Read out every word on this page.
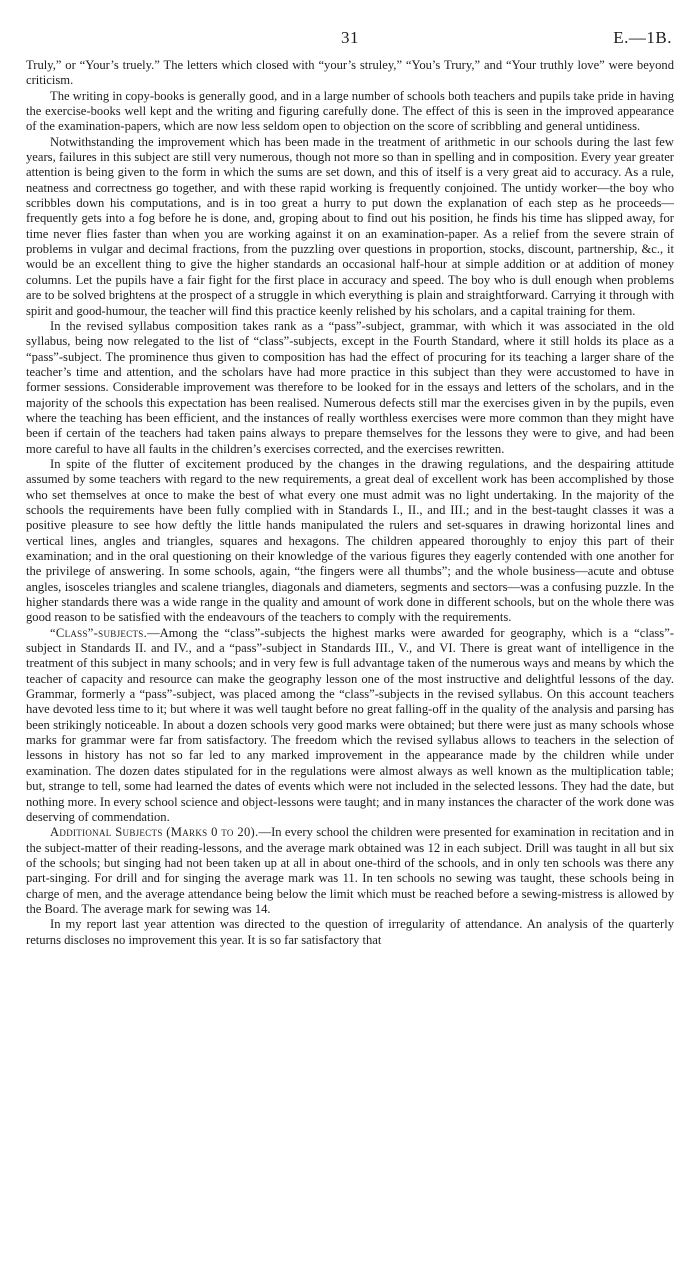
31	E.—1B.

Truly,” or “Your’s truely.” The letters which closed with “your’s struley,” “You’s Trury,” and “Your truthly love” were beyond criticism.

The writing in copy-books is generally good, and in a large number of schools both teachers and pupils take pride in having the exercise-books well kept and the writing and figuring carefully done. The effect of this is seen in the improved appearance of the examination-papers, which are now less seldom open to objection on the score of scribbling and general untidiness.

Notwithstanding the improvement which has been made in the treatment of arithmetic in our schools during the last few years, failures in this subject are still very numerous, though not more so than in spelling and in composition. Every year greater attention is being given to the form in which the sums are set down, and this of itself is a very great aid to accuracy. As a rule, neatness and correctness go together, and with these rapid working is frequently conjoined. The untidy worker—the boy who scribbles down his computations, and is in too great a hurry to put down the explanation of each step as he proceeds—frequently gets into a fog before he is done, and, groping about to find out his position, he finds his time has slipped away, for time never flies faster than when you are working against it on an examination-paper. As a relief from the severe strain of problems in vulgar and decimal fractions, from the puzzling over questions in proportion, stocks, discount, partnership, &c., it would be an excellent thing to give the higher standards an occasional half-hour at simple addition or at addition of money columns. Let the pupils have a fair fight for the first place in accuracy and speed. The boy who is dull enough when problems are to be solved brightens at the prospect of a struggle in which everything is plain and straightforward. Carrying it through with spirit and good-humour, the teacher will find this practice keenly relished by his scholars, and a capital training for them.

In the revised syllabus composition takes rank as a “pass”-subject, grammar, with which it was associated in the old syllabus, being now relegated to the list of “class”-subjects, except in the Fourth Standard, where it still holds its place as a “pass”-subject. The prominence thus given to composition has had the effect of procuring for its teaching a larger share of the teacher’s time and attention, and the scholars have had more practice in this subject than they were accustomed to have in former sessions. Considerable improvement was therefore to be looked for in the essays and letters of the scholars, and in the majority of the schools this expectation has been realised. Numerous defects still mar the exercises given in by the pupils, even where the teaching has been efficient, and the instances of really worthless exercises were more common than they might have been if certain of the teachers had taken pains always to prepare themselves for the lessons they were to give, and had been more careful to have all faults in the children’s exercises corrected, and the exercises rewritten.

In spite of the flutter of excitement produced by the changes in the drawing regulations, and the despairing attitude assumed by some teachers with regard to the new requirements, a great deal of excellent work has been accomplished by those who set themselves at once to make the best of what every one must admit was no light undertaking. In the majority of the schools the requirements have been fully complied with in Standards I., II., and III.; and in the best-taught classes it was a positive pleasure to see how deftly the little hands manipulated the rulers and set-squares in drawing horizontal lines and vertical lines, angles and triangles, squares and hexagons. The children appeared thoroughly to enjoy this part of their examination; and in the oral questioning on their knowledge of the various figures they eagerly contended with one another for the privilege of answering. In some schools, again, “the fingers were all thumbs”; and the whole business—acute and obtuse angles, isosceles triangles and scalene triangles, diagonals and diameters, segments and sectors—was a confusing puzzle. In the higher standards there was a wide range in the quality and amount of work done in different schools, but on the whole there was good reason to be satisfied with the endeavours of the teachers to comply with the requirements.

“Class”-subjects.—Among the “class”-subjects the highest marks were awarded for geography, which is a “class”-subject in Standards II. and IV., and a “pass”-subject in Standards III., V., and VI. There is great want of intelligence in the treatment of this subject in many schools; and in very few is full advantage taken of the numerous ways and means by which the teacher of capacity and resource can make the geography lesson one of the most instructive and delightful lessons of the day. Grammar, formerly a “pass”-subject, was placed among the “class”-subjects in the revised syllabus. On this account teachers have devoted less time to it; but where it was well taught before no great falling-off in the quality of the analysis and parsing has been strikingly noticeable. In about a dozen schools very good marks were obtained; but there were just as many schools whose marks for grammar were far from satisfactory. The freedom which the revised syllabus allows to teachers in the selection of lessons in history has not so far led to any marked improvement in the appearance made by the children while under examination. The dozen dates stipulated for in the regulations were almost always as well known as the multiplication table; but, strange to tell, some had learned the dates of events which were not included in the selected lessons. They had the date, but nothing more. In every school science and object-lessons were taught; and in many instances the character of the work done was deserving of commendation.

Additional Subjects (Marks 0 to 20).—In every school the children were presented for examination in recitation and in the subject-matter of their reading-lessons, and the average mark obtained was 12 in each subject. Drill was taught in all but six of the schools; but singing had not been taken up at all in about one-third of the schools, and in only ten schools was there any part-singing. For drill and for singing the average mark was 11. In ten schools no sewing was taught, these schools being in charge of men, and the average attendance being below the limit which must be reached before a sewing-mistress is allowed by the Board. The average mark for sewing was 14.

In my report last year attention was directed to the question of irregularity of attendance. An analysis of the quarterly returns discloses no improvement this year. It is so far satisfactory that
